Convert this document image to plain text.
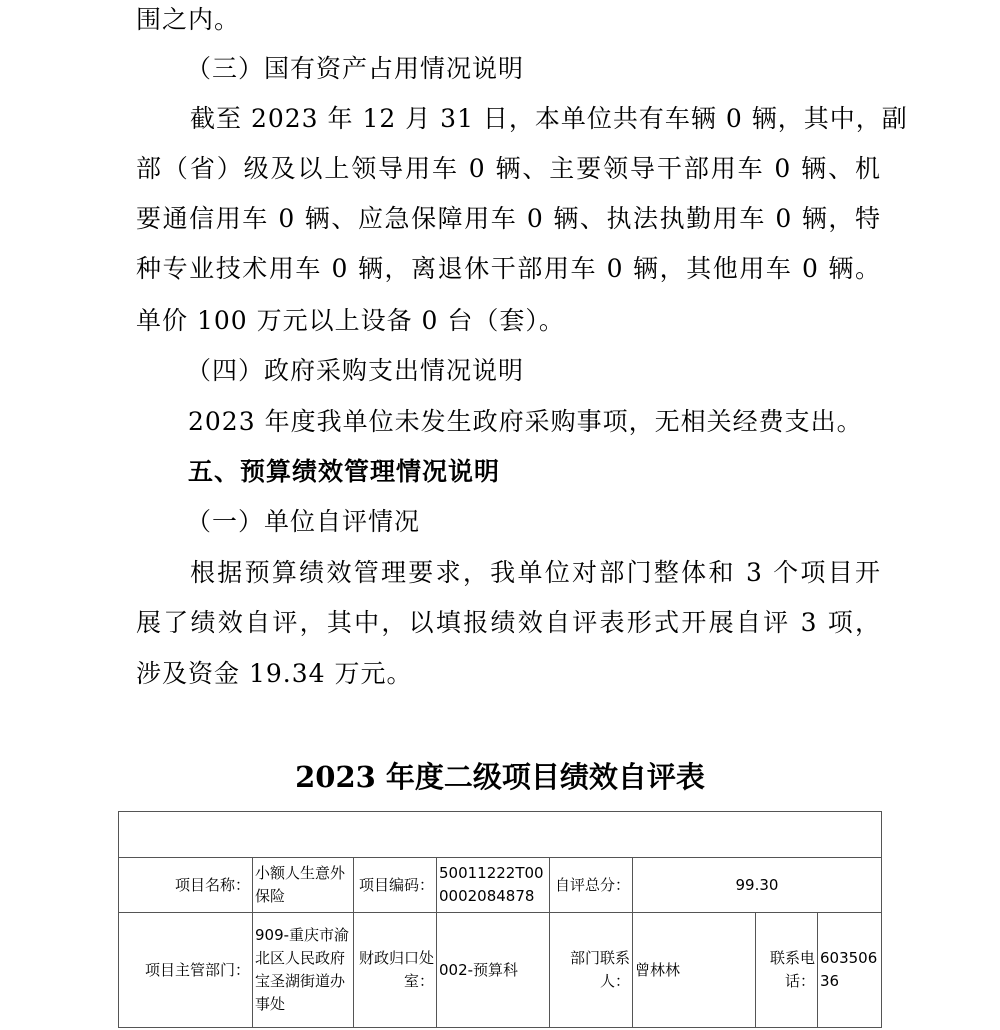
围之内。
（三）国有资产占用情况说明
截至 2023 年 12 月 31 日，本单位共有车辆 0 辆，其中，副
部（省）级及以上领导用车 0 辆、主要领导干部用车 0 辆、机
要通信用车 0 辆、应急保障用车 0 辆、执法执勤用车 0 辆，特
种专业技术用车 0 辆，离退休干部用车 0 辆，其他用车 0 辆。
单价 100 万元以上设备 0 台（套）。
（四）政府采购支出情况说明
2023 年度我单位未发生政府采购事项，无相关经费支出。
五、预算绩效管理情况说明
（一）单位自评情况
根据预算绩效管理要求，我单位对部门整体和 3 个项目开
展了绩效自评，其中，以填报绩效自评表形式开展自评 3 项，
涉及资金 19.34 万元。
2023 年度二级项目绩效自评表

项目名称：	小额人生意外保险	项目编码：	50011222T000002084878	自评总分：	99.30		
项目主管部门：	909-重庆市渝北区人民政府宝圣湖街道办事处	财政归口处室：	002-预算科	部门联系人：	曾林林	联系电话：	60350636
